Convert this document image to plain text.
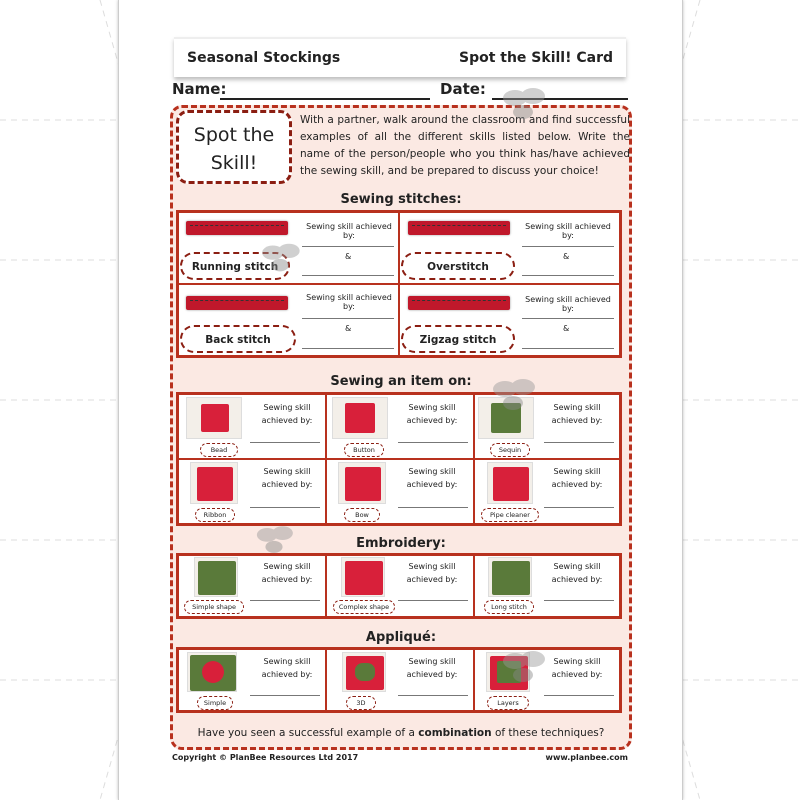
Seasonal Stockings	Spot the Skill! Card
Name:	Date:
Spot the
Skill!
With a partner, walk around the classroom and find successful examples of all the different skills listed below. Write the name of the person/people who you think has/have achieved the sewing skill, and be prepared to discuss your choice!
Sewing stitches:
Running stitch
Sewing skill achieved by:
&
Overstitch
Sewing skill achieved by:
&
Back stitch
Sewing skill achieved by:
&
Zigzag stitch
Sewing skill achieved by:
&
Sewing an item on:
Bead
Sewing skill
achieved by:
Button
Sewing skill
achieved by:
Sequin
Sewing skill
achieved by:
Ribbon
Sewing skill
achieved by:
Bow
Sewing skill
achieved by:
Pipe cleaner
Sewing skill
achieved by:
Embroidery:
Simple shape
Sewing skill
achieved by:
Complex shape
Sewing skill
achieved by:
Long stitch
Sewing skill
achieved by:
Appliqué:
Simple
Sewing skill
achieved by:
3D
Sewing skill
achieved by:
Layers
Sewing skill
achieved by:
Have you seen a successful example of a combination of these techniques?
Copyright © PlanBee Resources Ltd 2017	www.planbee.com
